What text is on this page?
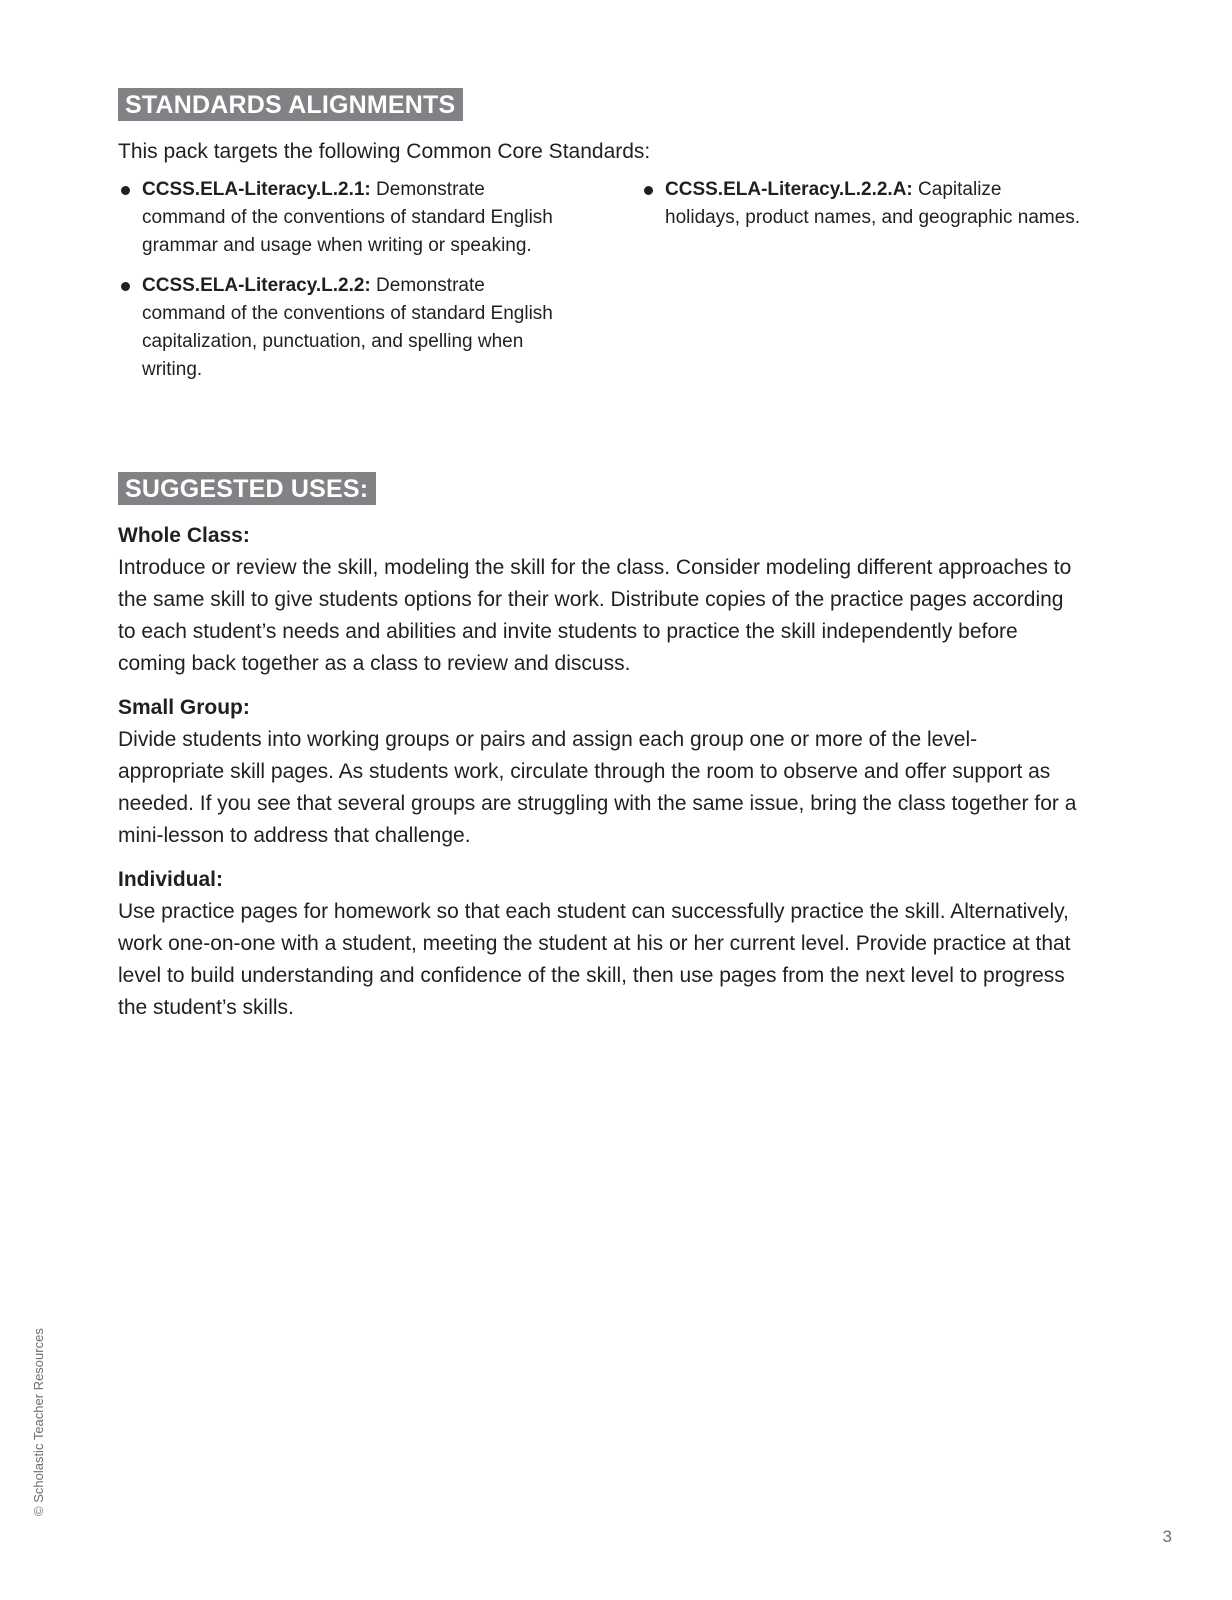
STANDARDS ALIGNMENTS

This pack targets the following Common Core Standards:

CCSS.ELA-Literacy.L.2.1: Demonstrate command of the conventions of standard English grammar and usage when writing or speaking.
CCSS.ELA-Literacy.L.2.2: Demonstrate command of the conventions of standard English capitalization, punctuation, and spelling when writing.
CCSS.ELA-Literacy.L.2.2.A: Capitalize holidays, product names, and geographic names.
SUGGESTED USES:
Whole Class:
Introduce or review the skill, modeling the skill for the class. Consider modeling different approaches to the same skill to give students options for their work. Distribute copies of the practice pages according to each student’s needs and abilities and invite students to practice the skill independently before coming back together as a class to review and discuss.
Small Group:
Divide students into working groups or pairs and assign each group one or more of the level-appropriate skill pages. As students work, circulate through the room to observe and offer support as needed. If you see that several groups are struggling with the same issue, bring the class together for a mini-lesson to address that challenge.
Individual:
Use practice pages for homework so that each student can successfully practice the skill. Alternatively, work one-on-one with a student, meeting the student at his or her current level. Provide practice at that level to build understanding and confidence of the skill, then use pages from the next level to progress the student’s skills.
© Scholastic Teacher Resources
3
